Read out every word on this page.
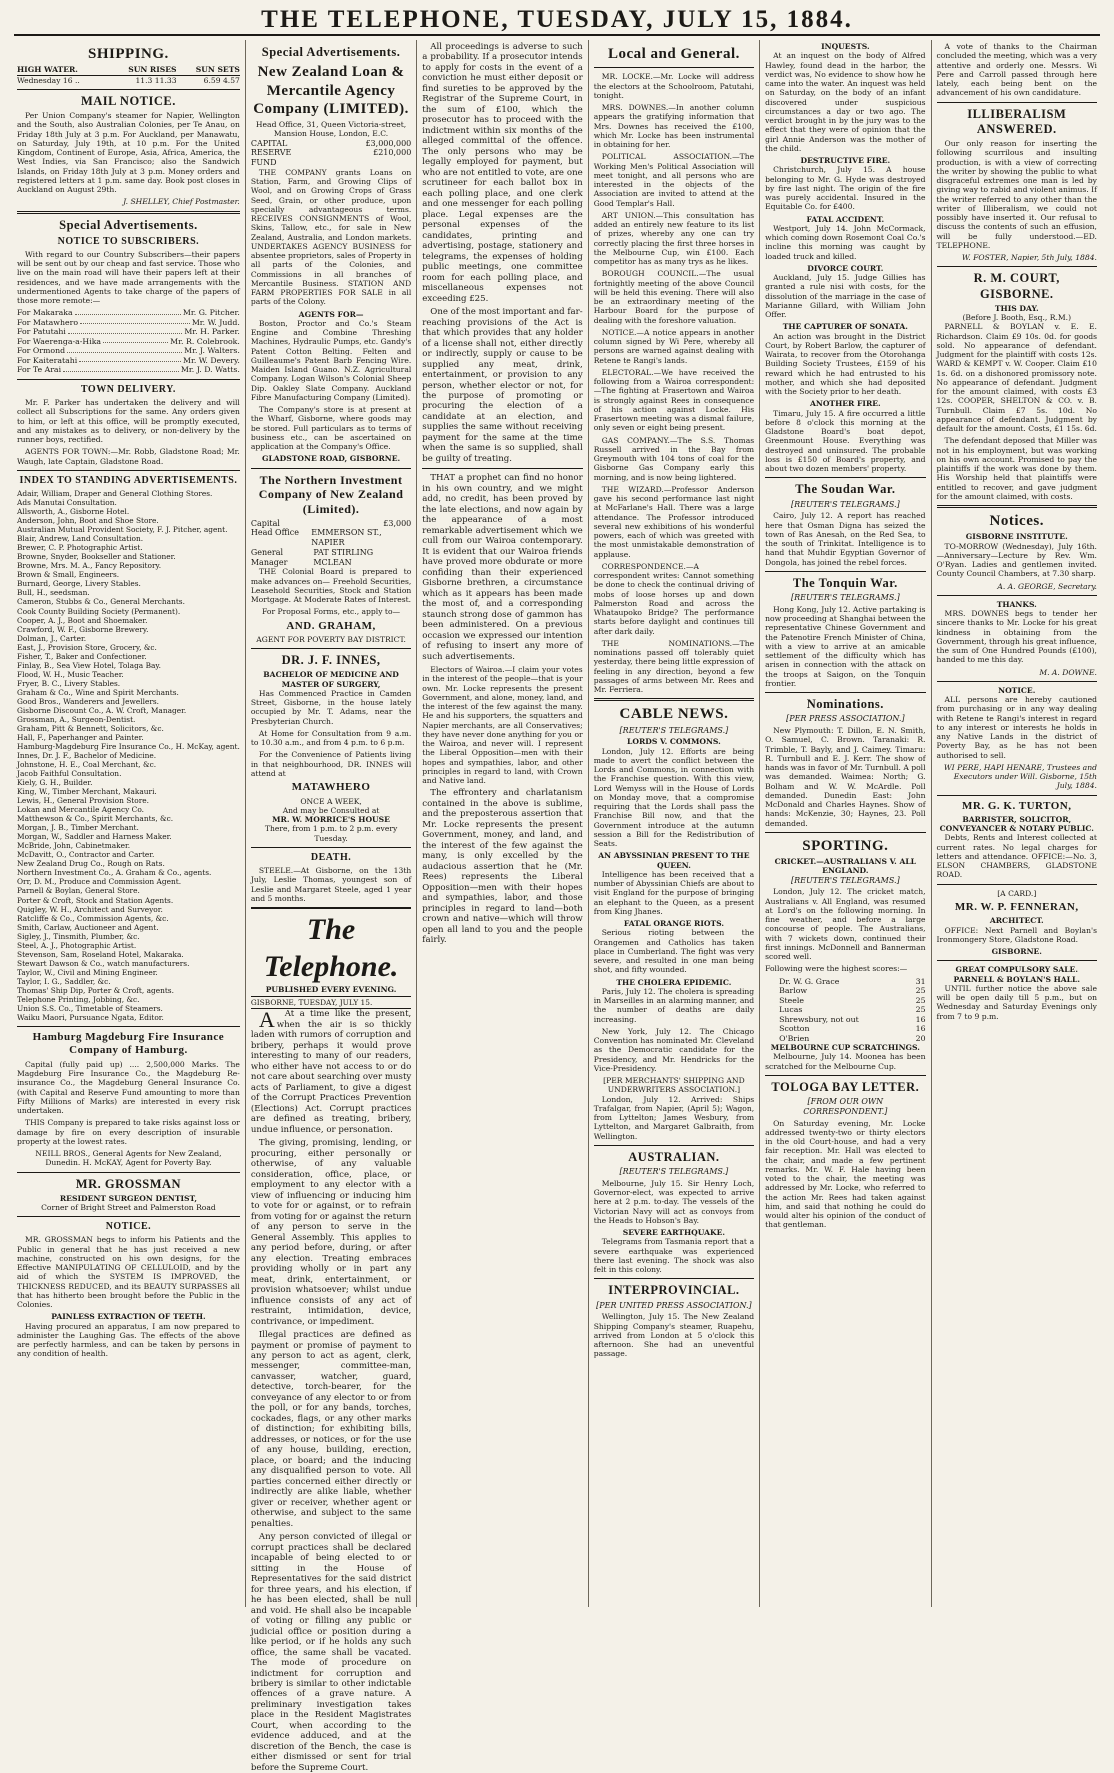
THE TELEPHONE, TUESDAY, JULY 15, 1884.
SHIPPING.
HIGH WATER.	SUN RISES	SUN SETS
Wednesday 16 ..	11.3 11.33	6.59 4.57
MAIL NOTICE.

Per Union Company's steamer for Napier, Wellington and the South, also Australian Colonies, per Te Anau, on Friday 18th July at 3 p.m. For Auckland, per Manawatu, on Saturday, July 19th, at 10 p.m. For the United Kingdom, Continent of Europe, Asia, Africa, America, the West Indies, via San Francisco; also the Sandwich Islands, on Friday 18th July at 3 p.m. Money orders and registered letters at 1 p.m. same day. Book post closes in Auckland on August 29th.

J. SHELLEY, Chief Postmaster.
Special Advertisements.
NOTICE TO SUBSCRIBERS.

With regard to our Country Subscribers—their papers will be sent out by our cheap and fast service. Those who live on the main road will have their papers left at their residences, and we have made arrangements with the undermentioned Agents to take charge of the papers of those more remote:—

For Makaraka	Mr. G. Pitcher.
For Matawhero	Mr. W. Judd.
For Patutahi	Mr. H. Parker.
For Waerenga-a-Hika	Mr. R. Colebrook.
For Ormond	Mr. J. Walters.
For Kaiteratahi	Mr. W. Devery.
For Te Arai	Mr. J. D. Watts.
TOWN DELIVERY.

Mr. F. Parker has undertaken the delivery and will collect all Subscriptions for the same. Any orders given to him, or left at this office, will be promptly executed, and any mistakes as to delivery, or non-delivery by the runner boys, rectified.

AGENTS FOR TOWN:—Mr. Robb, Gladstone Road; Mr. Waugh, late Captain, Gladstone Road.

INDEX TO STANDING ADVERTISEMENTS.
Adair, William, Draper and General Clothing Stores.
Ads Manutai Consultation.
Allsworth, A., Gisborne Hotel.
Anderson, John, Boot and Shoe Store.
Australian Mutual Provident Society, F. J. Pitcher, agent.
Blair, Andrew, Land Consultation.
Brewer, C. P. Photographic Artist.
Browne, Snyder, Bookseller and Stationer.
Browne, Mrs. M. A., Fancy Repository.
Brown & Small, Engineers.
Burnard, George, Livery Stables.
Bull, H., seedsman.
Cameron, Stubbs & Co., General Merchants.
Cook County Building Society (Permanent).
Cooper, A. J., Boot and Shoemaker.
Crawford, W. F., Gisborne Brewery.
Dolman, J., Carter.
East, J., Provision Store, Grocery, &c.
Fisher, T., Baker and Confectioner.
Finlay, B., Sea View Hotel, Tolaga Bay.
Flood, W. H., Music Teacher.
Fryer, B. C., Livery Stables.
Graham & Co., Wine and Spirit Merchants.
Good Bros., Wanderers and Jewellers.
Gisborne Discount Co., A. W. Croft, Manager.
Grossman, A., Surgeon-Dentist.
Graham, Pitt & Bennett, Solicitors, &c.
Hall, F., Paperhanger and Painter.
Hamburg-Magdeburg Fire Insurance Co., H. McKay, agent.
Innes, Dr. J. F., Bachelor of Medicine.
Johnstone, H. E., Coal Merchant, &c.
Jacob Faithful Consultation.
Kiely, G. H., Builder.
King, W., Timber Merchant, Makauri.
Lewis, H., General Provision Store.
Lokan and Mercantile Agency Co.
Matthewson & Co., Spirit Merchants, &c.
Morgan, J. B., Timber Merchant.
Morgan, W., Saddler and Harness Maker.
McBride, John, Cabinetmaker.
McDavitt, O., Contractor and Carter.
New Zealand Drug Co., Rough on Rats.
Northern Investment Co., A. Graham & Co., agents.
Orr, D. M., Produce and Commission Agent.
Parnell & Boylan, General Store.
Porter & Croft, Stock and Station Agents.
Quigley, W. H., Architect and Surveyor.
Ratcliffe & Co., Commission Agents, &c.
Smith, Carlaw, Auctioneer and Agent.
Sigley, J., Tinsmith, Plumber, &c.
Steel, A. J., Photographic Artist.
Stevenson, Sam, Roseland Hotel, Makaraka.
Stewart Dawson & Co., watch manufacturers.
Taylor, W., Civil and Mining Engineer.
Taylor, I. G., Saddler, &c.
Thomas' Ship Dip, Porter & Croft, agents.
Telephone Printing, Jobbing, &c.
Union S.S. Co., Timetable of Steamers.
Waiku Maori, Pursuance Ngata, Editor.
Hamburg Magdeburg Fire Insurance Company of Hamburg.

Capital (fully paid up) .... 2,500,000 Marks. The Magdeburg Fire Insurance Co., the Magdeburg Re-insurance Co., the Magdeburg General Insurance Co. (with Capital and Reserve Fund amounting to more than Fifty Millions of Marks) are interested in every risk undertaken.

THIS Company is prepared to take risks against loss or damage by fire on every description of insurable property at the lowest rates.

NEILL BROS., General Agents for New Zealand, Dunedin. H. McKAY, Agent for Poverty Bay.
MR. GROSSMAN
RESIDENT SURGEON DENTIST,
Corner of Bright Street and Palmerston Road
NOTICE.

MR. GROSSMAN begs to inform his Patients and the Public in general that he has just received a new machine, constructed on his own designs, for the Effective MANIPULATING OF CELLULOID, and by the aid of which the SYSTEM IS IMPROVED, the THICKNESS REDUCED, and its BEAUTY SURPASSES all that has hitherto been brought before the Public in the Colonies.

PAINLESS EXTRACTION OF TEETH.

Having procured an apparatus, I am now prepared to administer the Laughing Gas. The effects of the above are perfectly harmless, and can be taken by persons in any condition of health.

Special Advertisements.
New Zealand Loan & Mercantile Agency Company (LIMITED).
Head Office, 31, Queen Victoria-street, Mansion House, London, E.C.
CAPITAL	£3,000,000
RESERVE FUND
£210,000

THE COMPANY grants Loans on Station, Farm, and Growing Clips of Wool, and on Growing Crops of Grass Seed, Grain, or other produce, upon specially advantageous terms. RECEIVES CONSIGNMENTS of Wool, Skins, Tallow, etc., for sale in New Zealand, Australia, and London markets. UNDERTAKES AGENCY BUSINESS for absentee proprietors, sales of Property in all parts of the Colonies, and Commissions in all branches of Mercantile Business. STATION AND FARM PROPERTIES FOR SALE in all parts of the Colony.

AGENTS FOR—

Boston, Proctor and Co.'s Steam Engine and Combine Threshing Machines, Hydraulic Pumps, etc. Gandy's Patent Cotton Belting. Felten and Guilleaume's Patent Barb Fencing Wire. Maiden Island Guano. N.Z. Agricultural Company. Logan Wilson's Colonial Sheep Dip. Oakley Slate Company. Auckland Fibre Manufacturing Company (Limited).

The Company's store is at present at the Wharf, Gisborne, where goods may be stored. Full particulars as to terms of business etc., can be ascertained on application at the Company's Office.

GLADSTONE ROAD, GISBORNE.
The Northern Investment Company of New Zealand (Limited).
Capital	£3,000
Head Office	EMMERSON ST., NAPIER
General Manager
PAT STIRLING MCLEAN

THE Colonial Board is prepared to make advances on— Freehold Securities, Leasehold Securities, Stock and Station Mortgage. At Moderate Rates of Interest.

For Proposal Forms, etc., apply to—
AND. GRAHAM,
AGENT FOR POVERTY BAY DISTRICT.
DR. J. F. INNES,
BACHELOR OF MEDICINE AND MASTER OF SURGERY,

Has Commenced Practice in Camden Street, Gisborne, in the house lately occupied by Mr. T. Adams, near the Presbyterian Church.

At Home for Consultation from 9 a.m. to 10.30 a.m., and from 4 p.m. to 6 p.m.

For the Convenience of Patients living in that neighbourhood, DR. INNES will attend at

MATAWHERO
ONCE A WEEK,
And may be Consulted at
MR. W. MORRICE'S HOUSE
There, from 1 p.m. to 2 p.m. every Tuesday.
DEATH.

STEELE.—At Gisborne, on the 13th July, Leslie Thomas, youngest son of Leslie and Margaret Steele, aged 1 year and 5 months.

The Telephone.
PUBLISHED EVERY EVENING.
GISBORNE, TUESDAY, JULY 15.

A At a time like the present, when the air is so thickly laden with rumors of corruption and bribery, perhaps it would prove interesting to many of our readers, who either have not access to or do not care about searching over musty acts of Parliament, to give a digest of the Corrupt Practices Prevention (Elections) Act. Corrupt practices are defined as treating, bribery, undue influence, or personation.

The giving, promising, lending, or procuring, either personally or otherwise, of any valuable consideration, office, place, or employment to any elector with a view of influencing or inducing him to vote for or against, or to refrain from voting for or against the return of any person to serve in the General Assembly. This applies to any period before, during, or after any election. Treating embraces providing wholly or in part any meat, drink, entertainment, or provision whatsoever; whilst undue influence consists of any act of restraint, intimidation, device, contrivance, or impediment.

Illegal practices are defined as payment or promise of payment to any person to act as agent, clerk, messenger, committee-man, canvasser, watcher, guard, detective, torch-bearer, for the conveyance of any elector to or from the poll, or for any bands, torches, cockades, flags, or any other marks of distinction; for exhibiting bills, addresses, or notices, or for the use of any house, building, erection, place, or board; and the inducing any disqualified person to vote. All parties concerned either directly or indirectly are alike liable, whether giver or receiver, whether agent or otherwise, and subject to the same penalties.

Any person convicted of illegal or corrupt practices shall be declared incapable of being elected to or sitting in the House of Representatives for the said district for three years, and his election, if he has been elected, shall be null and void. He shall also be incapable of voting or filling any public or judicial office or position during a like period, or if he holds any such office, the same shall be vacated. The mode of procedure on indictment for corruption and bribery is similar to other indictable offences of a grave nature. A preliminary investigation takes place in the Resident Magistrates Court, when according to the evidence adduced, and at the discretion of the Bench, the case is either dismissed or sent for trial before the Supreme Court.

All proceedings is adverse to such a probability. If a prosecutor intends to apply for costs in the event of a conviction he must either deposit or find sureties to be approved by the Registrar of the Supreme Court, in the sum of £100, which the prosecutor has to proceed with the indictment within six months of the alleged committal of the offence. The only persons who may be legally employed for payment, but who are not entitled to vote, are one scrutineer for each ballot box in each polling place, and one clerk and one messenger for each polling place. Legal expenses are the personal expenses of the candidates, printing and advertising, postage, stationery and telegrams, the expenses of holding public meetings, one committee room for each polling place, and miscellaneous expenses not exceeding £25.

One of the most important and far-reaching provisions of the Act is that which provides that any holder of a license shall not, either directly or indirectly, supply or cause to be supplied any meat, drink, entertainment, or provision to any person, whether elector or not, for the purpose of promoting or procuring the election of a candidate at an election, and supplies the same without receiving payment for the same at the time when the same is so supplied, shall be guilty of treating.

THAT a prophet can find no honor in his own country, and we might add, no credit, has been proved by the late elections, and now again by the appearance of a most remarkable advertisement which we cull from our Wairoa contemporary. It is evident that our Wairoa friends have proved more obdurate or more confiding than their experienced Gisborne brethren, a circumstance which as it appears has been made the most of, and a corresponding staunch strong dose of gammon has been administered. On a previous occasion we expressed our intention of refusing to insert any more of such advertisements.

Electors of Wairoa.—I claim your votes in the interest of the people—that is your own. Mr. Locke represents the present Government, and alone, money, land, and the interest of the few against the many. He and his supporters, the squatters and Napier merchants, are all Conservatives; they have never done anything for you or the Wairoa, and never will. I represent the Liberal Opposition—men with their hopes and sympathies, labor, and other principles in regard to land, with Crown and Native land.

The effrontery and charlatanism contained in the above is sublime, and the preposterous assertion that Mr. Locke represents the present Government, money, and land, and the interest of the few against the many, is only excelled by the audacious assertion that he (Mr. Rees) represents the Liberal Opposition—men with their hopes and sympathies, labor, and those principles in regard to land—both crown and native—which will throw open all land to you and the people fairly.

Local and General.

MR. LOCKE.—Mr. Locke will address the electors at the Schoolroom, Patutahi, tonight.

MRS. DOWNES.—In another column appears the gratifying information that Mrs. Downes has received the £100, which Mr. Locke has been instrumental in obtaining for her.

POLITICAL ASSOCIATION.—The Working Men's Political Association will meet tonight, and all persons who are interested in the objects of the Association are invited to attend at the Good Templar's Hall.

ART UNION.—This consultation has added an entirely new feature to its list of prizes, whereby any one can try correctly placing the first three horses in the Melbourne Cup, win £100. Each competitor has as many trys as he likes.

BOROUGH COUNCIL.—The usual fortnightly meeting of the above Council will be held this evening. There will also be an extraordinary meeting of the Harbour Board for the purpose of dealing with the foreshore valuation.

NOTICE.—A notice appears in another column signed by Wi Pere, whereby all persons are warned against dealing with Retene te Rangi's lands.

ELECTORAL.—We have received the following from a Wairoa correspondent:—The fighting at Frasertown and Wairoa is strongly against Rees in consequence of his action against Locke. His Frasertown meeting was a dismal failure, only seven or eight being present.

GAS COMPANY.—The S.S. Thomas Russell arrived in the Bay from Greymouth with 104 tons of coal for the Gisborne Gas Company early this morning, and is now being lightered.

THE WIZARD.—Professor Anderson gave his second performance last night at McFarlane's Hall. There was a large attendance. The Professor introduced several new exhibitions of his wonderful powers, each of which was greeted with the most unmistakable demonstration of applause.

CORRESPONDENCE.—A correspondent writes: Cannot something be done to check the continual driving of mobs of loose horses up and down Palmerston Road and across the Whataupoko Bridge? The performance starts before daylight and continues till after dark daily.

THE NOMINATIONS.—The nominations passed off tolerably quiet yesterday, there being little expression of feeling in any direction, beyond a few passages of arms between Mr. Rees and Mr. Ferriera.

CABLE NEWS.
[REUTER'S TELEGRAMS.]
LORDS V. COMMONS.

London, July 12. Efforts are being made to avert the conflict between the Lords and Commons, in connection with the Franchise question. With this view, Lord Wemyss will in the House of Lords on Monday move, that a compromise requiring that the Lords shall pass the Franchise Bill now, and that the Government introduce at the autumn session a Bill for the Redistribution of Seats.

AN ABYSSINIAN PRESENT TO THE QUEEN.

Intelligence has been received that a number of Abyssinian Chiefs are about to visit England for the purpose of bringing an elephant to the Queen, as a present from King Jhanes.

FATAL ORANGE RIOTS.

Serious rioting between the Orangemen and Catholics has taken place in Cumberland. The fight was very severe, and resulted in one man being shot, and fifty wounded.

THE CHOLERA EPIDEMIC.

Paris, July 12. The cholera is spreading in Marseilles in an alarming manner, and the number of deaths are daily increasing.

New York, July 12. The Chicago Convention has nominated Mr. Cleveland as the Democratic candidate for the Presidency, and Mr. Hendricks for the Vice-Presidency.

[PER MERCHANTS' SHIPPING AND UNDERWRITERS ASSOCIATION.]

London, July 12. Arrived: Ships Trafalgar, from Napier, (April 5); Wagon, from Lyttelton; James Wesbury, from Lyttelton, and Margaret Galbraith, from Wellington.

AUSTRALIAN.
[REUTER'S TELEGRAMS.]

Melbourne, July 15. Sir Henry Loch, Governor-elect, was expected to arrive here at 2 p.m. to-day. The vessels of the Victorian Navy will act as convoys from the Heads to Hobson's Bay.

SEVERE EARTHQUAKE.

Telegrams from Tasmania report that a severe earthquake was experienced there last evening. The shock was also felt in this colony.

INTERPROVINCIAL.
[PER UNITED PRESS ASSOCIATION.]

Wellington, July 15. The New Zealand Shipping Company's steamer, Ruapehu, arrived from London at 5 o'clock this afternoon. She had an uneventful passage.

INQUESTS.

At an inquest on the body of Alfred Hawley, found dead in the harbor, the verdict was, No evidence to show how he came into the water. An inquest was held on Saturday, on the body of an infant discovered under suspicious circumstances a day or two ago. The verdict brought in by the jury was to the effect that they were of opinion that the girl Annie Anderson was the mother of the child.

DESTRUCTIVE FIRE.

Christchurch, July 15. A house belonging to Mr. G. Hyde was destroyed by fire last night. The origin of the fire was purely accidental. Insured in the Equitable Co. for £400.

FATAL ACCIDENT.

Westport, July 14. John McCormack, which coming down Rosemont Coal Co.'s incline this morning was caught by loaded truck and killed.

DIVORCE COURT.

Auckland, July 15. Judge Gillies has granted a rule nisi with costs, for the dissolution of the marriage in the case of Marianne Gillard, with William John Offer.

THE CAPTURER OF SONATA.

An action was brought in the District Court, by Robert Barlow, the capturer of Wairata, to recover from the Otorohanga Building Society Trustees, £159 of his reward which he had entrusted to his mother, and which she had deposited with the Society prior to her death.

ANOTHER FIRE.

Timaru, July 15. A fire occurred a little before 8 o'clock this morning at the Gladstone Board's boat depot, Greenmount House. Everything was destroyed and uninsured. The probable loss is £150 of Board's property, and about two dozen members' property.

The Soudan War.
[REUTER'S TELEGRAMS.]

Cairo, July 12. A report has reached here that Osman Digna has seized the town of Ras Anesah, on the Red Sea, to the south of Trinkitat. Intelligence is to hand that Muhdir Egyptian Governor of Dongola, has joined the rebel forces.

The Tonquin War.
[REUTER'S TELEGRAMS.]

Hong Kong, July 12. Active partaking is now proceeding at Shanghai between the representative Chinese Government and the Patenotire French Minister of China, with a view to arrive at an amicable settlement of the difficulty which has arisen in connection with the attack on the troops at Saigon, on the Tonquin frontier.

Nominations.
[PER PRESS ASSOCIATION.]

New Plymouth: T. Dillon, E. N. Smith, O. Samuel, C. Brown. Taranaki: R. Trimble, T. Bayly, and J. Caimey. Timaru: R. Turnbull and E. J. Kerr. The show of hands was in favor of Mr. Turnbull. A poll was demanded. Waimea: North; G. Bolham and W. W. McArdle. Poll demanded. Dunedin East: John McDonald and Charles Haynes. Show of hands: McKenzie, 30; Haynes, 23. Poll demanded.

SPORTING.
CRICKET.—AUSTRALIANS V. ALL ENGLAND.
[REUTER'S TELEGRAMS.]

London, July 12. The cricket match, Australians v. All England, was resumed at Lord's on the following morning. In fine weather, and before a large concourse of people. The Australians, with 7 wickets down, continued their first innings. McDonnell and Bannerman scored well.

Following were the highest scores:—

Dr. W. G. Grace	31
Barlow	25
Steele	25
Lucas	25
Shrewsbury, not out	16
Scotton	16
O'Brien	20
MELBOURNE CUP SCRATCHINGS.

Melbourne, July 14. Moonea has been scratched for the Melbourne Cup.

TOLOGA BAY LETTER.
[FROM OUR OWN CORRESPONDENT.]

On Saturday evening, Mr. Locke addressed twenty-two or thirty electors in the old Court-house, and had a very fair reception. Mr. Hall was elected to the chair, and made a few pertinent remarks. Mr. W. F. Hale having been voted to the chair, the meeting was addressed by Mr. Locke, who referred to the action Mr. Rees had taken against him, and said that nothing he could do would alter his opinion of the conduct of that gentleman.

A vote of thanks to the Chairman concluded the meeting, which was a very attentive and orderly one. Messrs. Wi Pere and Carroll passed through here lately, each being bent on the advancement of his own candidature.

ILLIBERALISM ANSWERED.

Our only reason for inserting the following scurrilous and insulting production, is with a view of correcting the writer by showing the public to what disgraceful extremes one man is led by giving way to rabid and violent animus. If the writer referred to any other than the writer of Illiberalism, we could not possibly have inserted it. Our refusal to discuss the contents of such an effusion, will be fully understood.—ED. TELEPHONE.

W. FOSTER, Napier, 5th July, 1884.
R. M. COURT, GISBORNE.
THIS DAY.
(Before J. Booth, Esq., R.M.)

PARNELL & BOYLAN v. E. E. Richardson. Claim £9 10s. 0d. for goods sold. No appearance of defendant. Judgment for the plaintiff with costs 12s. WARD & KEMPT v. W. Cooper. Claim £10 1s. 6d. on a dishonored promissory note. No appearance of defendant. Judgment for the amount claimed, with costs £3 12s. COOPER, SHELTON & CO. v. B. Turnbull. Claim £7 5s. 10d. No appearance of defendant. Judgment by default for the amount. Costs, £1 15s. 6d.

The defendant deposed that Miller was not in his employment, but was working on his own account. Promised to pay the plaintiffs if the work was done by them. His Worship held that plaintiffs were entitled to recover, and gave judgment for the amount claimed, with costs.

Notices.
GISBORNE INSTITUTE.

TO-MORROW (Wednesday), July 16th.—Anniversary—Lecture by Rev. Wm. O'Ryan. Ladies and gentlemen invited. County Council Chambers, at 7.30 sharp.

A. A. GEORGE, Secretary.
THANKS.

MRS. DOWNES begs to tender her sincere thanks to Mr. Locke for his great kindness in obtaining from the Government, through his great influence, the sum of One Hundred Pounds (£100), handed to me this day.

M. A. DOWNE.
NOTICE.

ALL persons are hereby cautioned from purchasing or in any way dealing with Retene te Rangi's interest in regard to any interest or interests he holds in any Native Lands in the district of Poverty Bay, as he has not been authorised to sell.

WI PERE, HAPI HENARE, Trustees and Executors under Will. Gisborne, 15th July, 1884.
MR. G. K. TURTON,
BARRISTER, SOLICITOR, CONVEYANCER & NOTARY PUBLIC.

Debts, Rents and Interest collected at current rates. No legal charges for letters and attendance. OFFICE:—No. 3, ELSON CHAMBERS, GLADSTONE ROAD.

[A CARD.]
MR. W. P. FENNERAN,
ARCHITECT.

OFFICE: Next Parnell and Boylan's Ironmongery Store, Gladstone Road.

GISBORNE.
GREAT COMPULSORY SALE.
PARNELL & BOYLAN'S HALL.

UNTIL further notice the above sale will be open daily till 5 p.m., but on Wednesday and Saturday Evenings only from 7 to 9 p.m.
